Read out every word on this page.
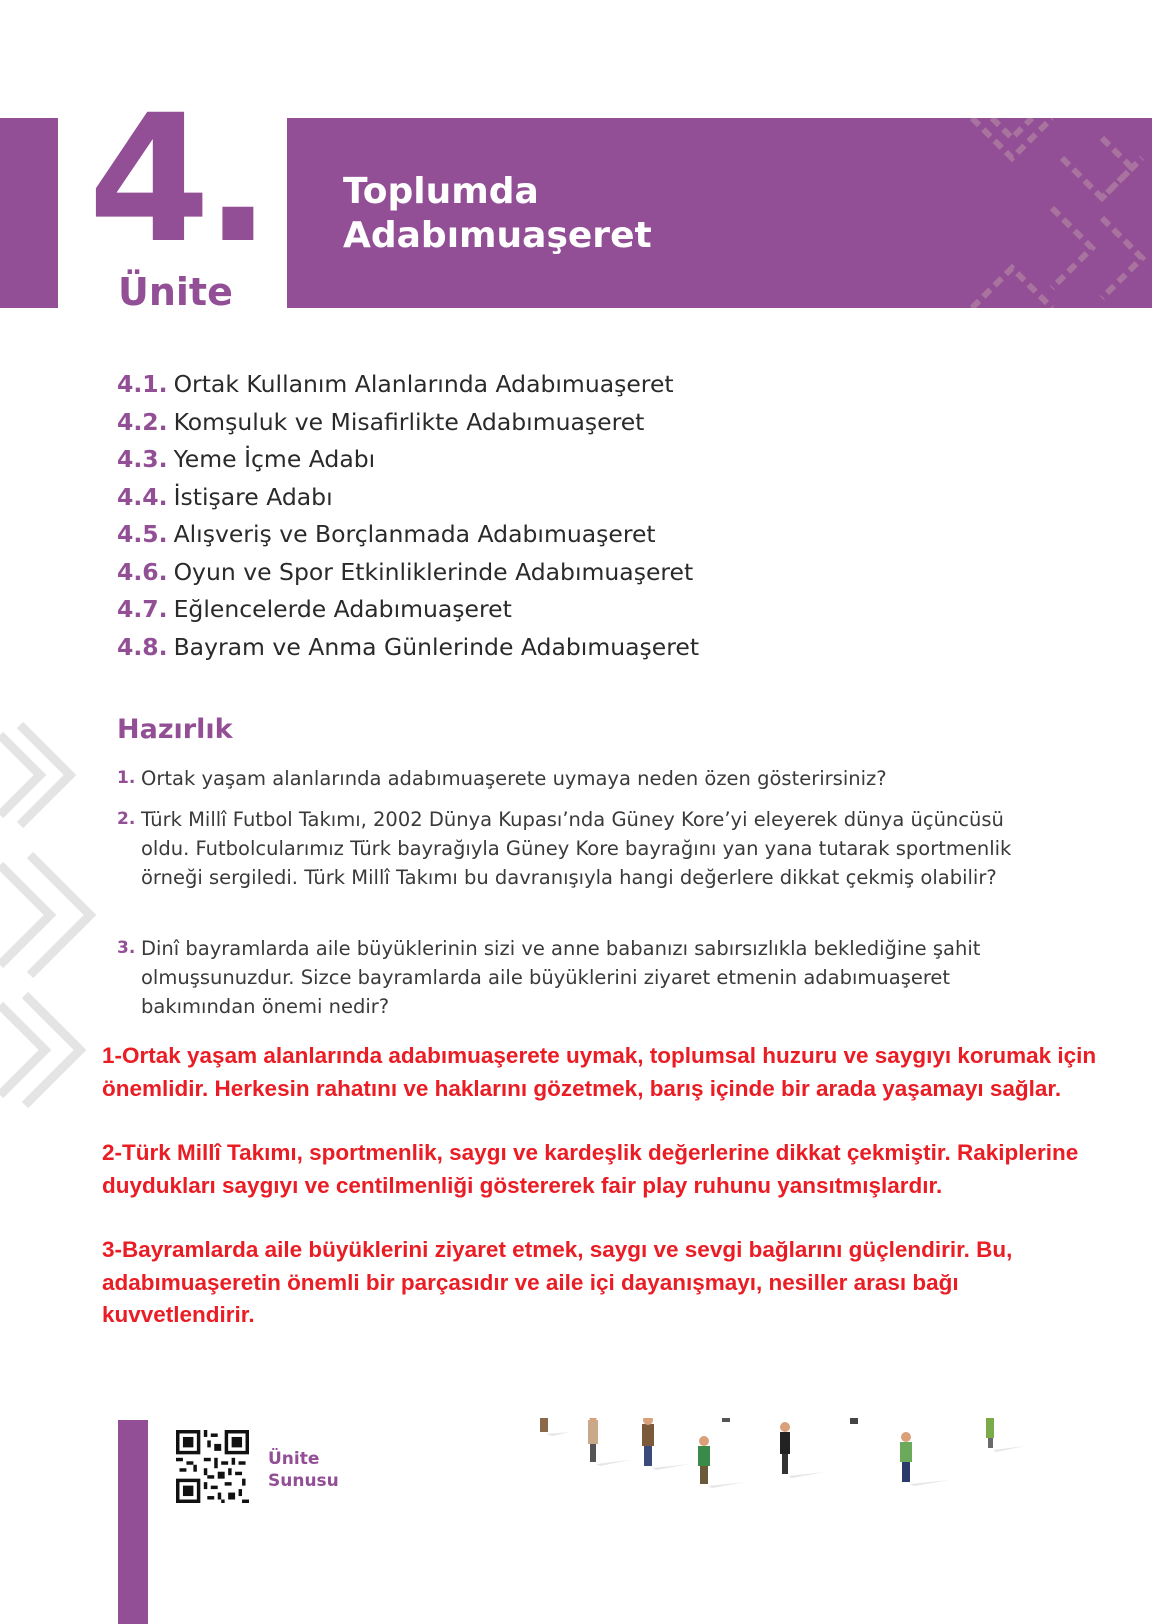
4.
Ünite
Toplumda
Adabımuaşeret
4.1. Ortak Kullanım Alanlarında Adabımuaşeret
4.2. Komşuluk ve Misafirlikte Adabımuaşeret
4.3. Yeme İçme Adabı
4.4. İstişare Adabı
4.5. Alışveriş ve Borçlanmada Adabımuaşeret
4.6. Oyun ve Spor Etkinliklerinde Adabımuaşeret
4.7. Eğlencelerde Adabımuaşeret
4.8. Bayram ve Anma Günlerinde Adabımuaşeret
Hazırlık
1. Ortak yaşam alanlarında adabımuaşerete uymaya neden özen gösterirsiniz?
2. Türk Millî Futbol Takımı, 2002 Dünya Kupası’nda Güney Kore’yi eleyerek dünya üçüncüsü oldu. Futbolcularımız Türk bayrağıyla Güney Kore bayrağını yan yana tutarak sportmenlik örneği sergiledi. Türk Millî Takımı bu davranışıyla hangi değerlere dikkat çekmiş olabilir?
3. Dinî bayramlarda aile büyüklerinin sizi ve anne babanızı sabırsızlıkla beklediğine şahit olmuşsunuzdur. Sizce bayramlarda aile büyüklerini ziyaret etmenin adabımuaşeret bakımından önemi nedir?

1-Ortak yaşam alanlarında adabımuaşerete uymak, toplumsal huzuru ve saygıyı korumak için önemlidir. Herkesin rahatını ve haklarını gözetmek, barış içinde bir arada yaşamayı sağlar.

2-Türk Millî Takımı, sportmenlik, saygı ve kardeşlik değerlerine dikkat çekmiştir. Rakiplerine duydukları saygıyı ve centilmenliği göstererek fair play ruhunu yansıtmışlardır.

3-Bayramlarda aile büyüklerini ziyaret etmek, saygı ve sevgi bağlarını güçlendirir. Bu, adabımuaşeretin önemli bir parçasıdır ve aile içi dayanışmayı, nesiller arası bağı kuvvetlendirir.

Ünite
Sunusu
